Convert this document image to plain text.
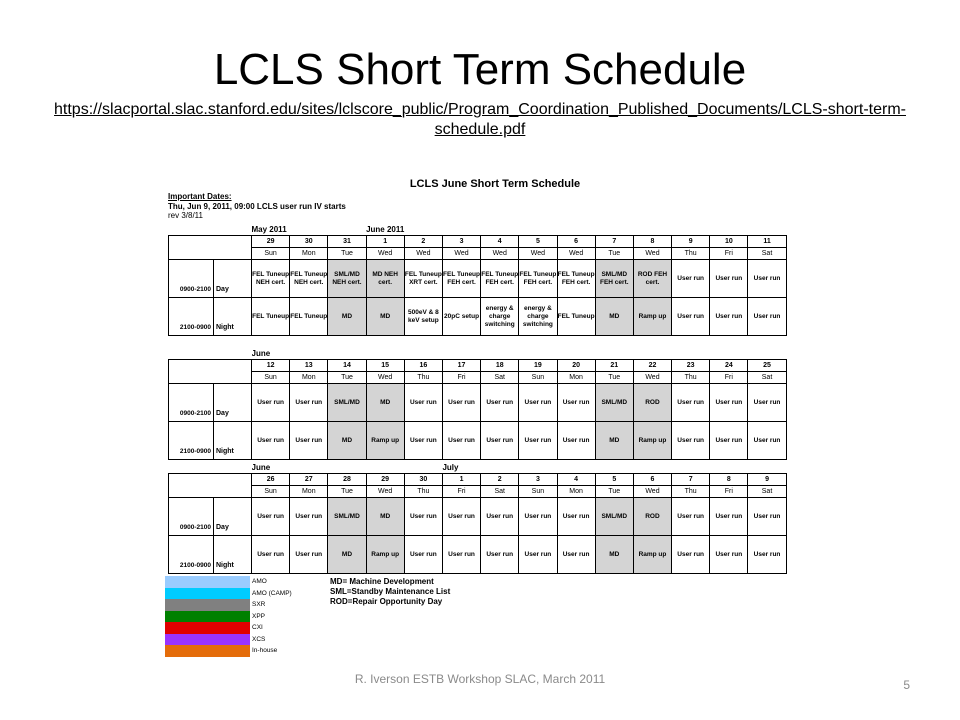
LCLS Short Term Schedule
https://slacportal.slac.stanford.edu/sites/lclscore_public/Program_Coordination_Published_Documents/LCLS-short-term-schedule.pdf
LCLS June Short Term Schedule
Important Dates:
Thu, Jun 9, 2011, 09:00 LCLS user run IV starts
rev 3/8/11
		May 2011			June 2011										
		29	30	31	1	2	3	4	5	6	7	8	9	10	11
		Sun	Mon	Tue	Wed	Wed	Wed	Wed	Wed	Wed	Tue	Wed	Thu	Fri	Sat
0900-2100	Day	FEL Tuneup NEH cert.	FEL Tuneup NEH cert.	SML/MD NEH cert.	MD NEH cert.	FEL Tuneup XRT cert.	FEL Tuneup FEH cert.	FEL Tuneup FEH cert.	FEL Tuneup FEH cert.	FEL Tuneup FEH cert.	SML/MD FEH cert.	ROD FEH cert.	User run	User run	User run
2100-0900	Night	FEL Tuneup	FEL Tuneup	MD	MD	500eV & 8 keV setup	20pC setup	energy & charge switching	energy & charge switching	FEL Tuneup	MD	Ramp up	User run	User run	User run
		June													
		12	13	14	15	16	17	18	19	20	21	22	23	24	25
		Sun	Mon	Tue	Wed	Thu	Fri	Sat	Sun	Mon	Tue	Wed	Thu	Fri	Sat
0900-2100	Day	User run	User run	SML/MD	MD	User run	User run	User run	User run	User run	SML/MD	ROD	User run	User run	User run
2100-0900	Night	User run	User run	MD	Ramp up	User run	User run	User run	User run	User run	MD	Ramp up	User run	User run	User run
		June					July								
		26	27	28	29	30	1	2	3	4	5	6	7	8	9
		Sun	Mon	Tue	Wed	Thu	Fri	Sat	Sun	Mon	Tue	Wed	Thu	Fri	Sat
0900-2100	Day	User run	User run	SML/MD	MD	User run	User run	User run	User run	User run	SML/MD	ROD	User run	User run	User run
2100-0900	Night	User run	User run	MD	Ramp up	User run	User run	User run	User run	User run	MD	Ramp up	User run	User run	User run
AMO
AMO (CAMP)
SXR
XPP
CXI
XCS
In-house
MD= Machine Development
SML=Standby Maintenance List
ROD=Repair Opportunity Day
R. Iverson ESTB Workshop SLAC, March 2011	5
